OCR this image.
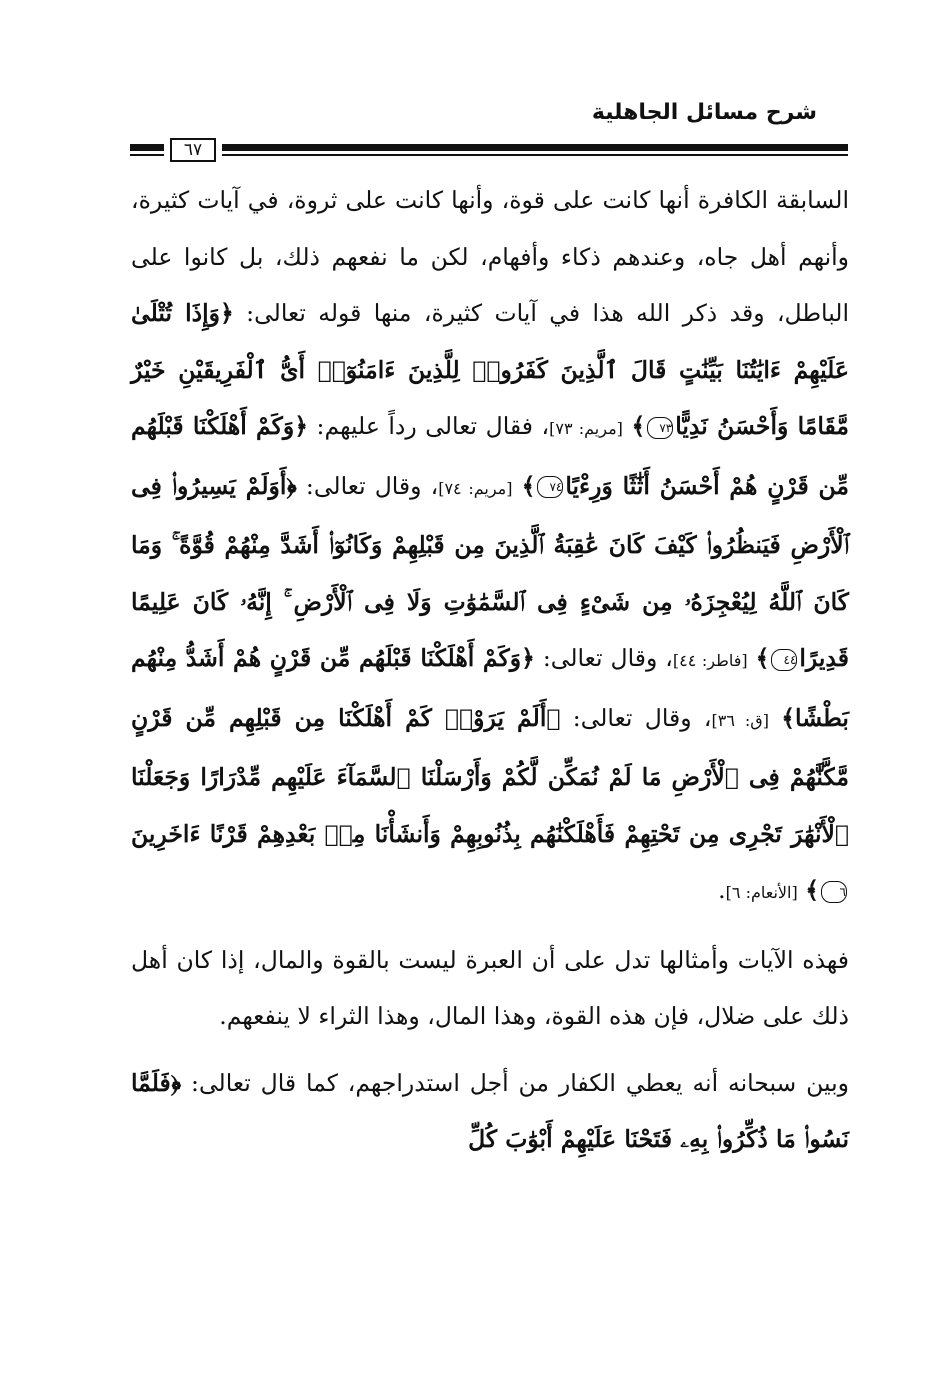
شرح مسائل الجاهلية
٦٧

السابقة الكافرة أنها كانت على قوة، وأنها كانت على ثروة، في آيات كثيرة، وأنهم أهل جاه، وعندهم ذكاء وأفهام، لكن ما نفعهم ذلك، بل كانوا على الباطل، وقد ذكر الله هذا في آيات كثيرة، منها قوله تعالى: ﴿وَإِذَا تُتْلَىٰ عَلَيْهِمْ ءَايَٰتُنَا بَيِّنَٰتٍ قَالَ ٱلَّذِينَ كَفَرُوا۟ لِلَّذِينَ ءَامَنُوٓا۟ أَىُّ ٱلْفَرِيقَيْنِ خَيْرٌ مَّقَامًا وَأَحْسَنُ نَدِيًّا٧٣﴾ [مريم: ٧٣]، فقال تعالى رداً عليهم: ﴿وَكَمْ أَهْلَكْنَا قَبْلَهُم مِّن قَرْنٍ هُمْ أَحْسَنُ أَثَٰثًا وَرِءْيًا٧٤﴾ [مريم: ٧٤]، وقال تعالى: ﴿أَوَلَمْ يَسِيرُوا۟ فِى ٱلْأَرْضِ فَيَنظُرُوا۟ كَيْفَ كَانَ عَٰقِبَةُ ٱلَّذِينَ مِن قَبْلِهِمْ وَكَانُوٓا۟ أَشَدَّ مِنْهُمْ قُوَّةً ۚ وَمَا كَانَ ٱللَّهُ لِيُعْجِزَهُۥ مِن شَىْءٍ فِى ٱلسَّمَٰوَٰتِ وَلَا فِى ٱلْأَرْضِ ۚ إِنَّهُۥ كَانَ عَلِيمًا قَدِيرًا٤٤﴾ [فاطر: ٤٤]، وقال تعالى: ﴿وَكَمْ أَهْلَكْنَا قَبْلَهُم مِّن قَرْنٍ هُمْ أَشَدُّ مِنْهُم بَطْشًا﴾ [ق: ٣٦]، وقال تعالى: ﴿أَلَمْ يَرَوْا۟ كَمْ أَهْلَكْنَا مِن قَبْلِهِم مِّن قَرْنٍ مَّكَّنَّٰهُمْ فِى ٱلْأَرْضِ مَا لَمْ نُمَكِّن لَّكُمْ وَأَرْسَلْنَا ٱلسَّمَآءَ عَلَيْهِم مِّدْرَارًا وَجَعَلْنَا ٱلْأَنْهَٰرَ تَجْرِى مِن تَحْتِهِمْ فَأَهْلَكْنَٰهُم بِذُنُوبِهِمْ وَأَنشَأْنَا مِنۢ بَعْدِهِمْ قَرْنًا ءَاخَرِينَ٦﴾ [الأنعام: ٦].

فهذه الآيات وأمثالها تدل على أن العبرة ليست بالقوة والمال، إذا كان أهل ذلك على ضلال، فإن هذه القوة، وهذا المال، وهذا الثراء لا ينفعهم.

وبين سبحانه أنه يعطي الكفار من أجل استدراجهم، كما قال تعالى: ﴿فَلَمَّا نَسُوا۟ مَا ذُكِّرُوا۟ بِهِۦ فَتَحْنَا عَلَيْهِمْ أَبْوَٰبَ كُلِّ
